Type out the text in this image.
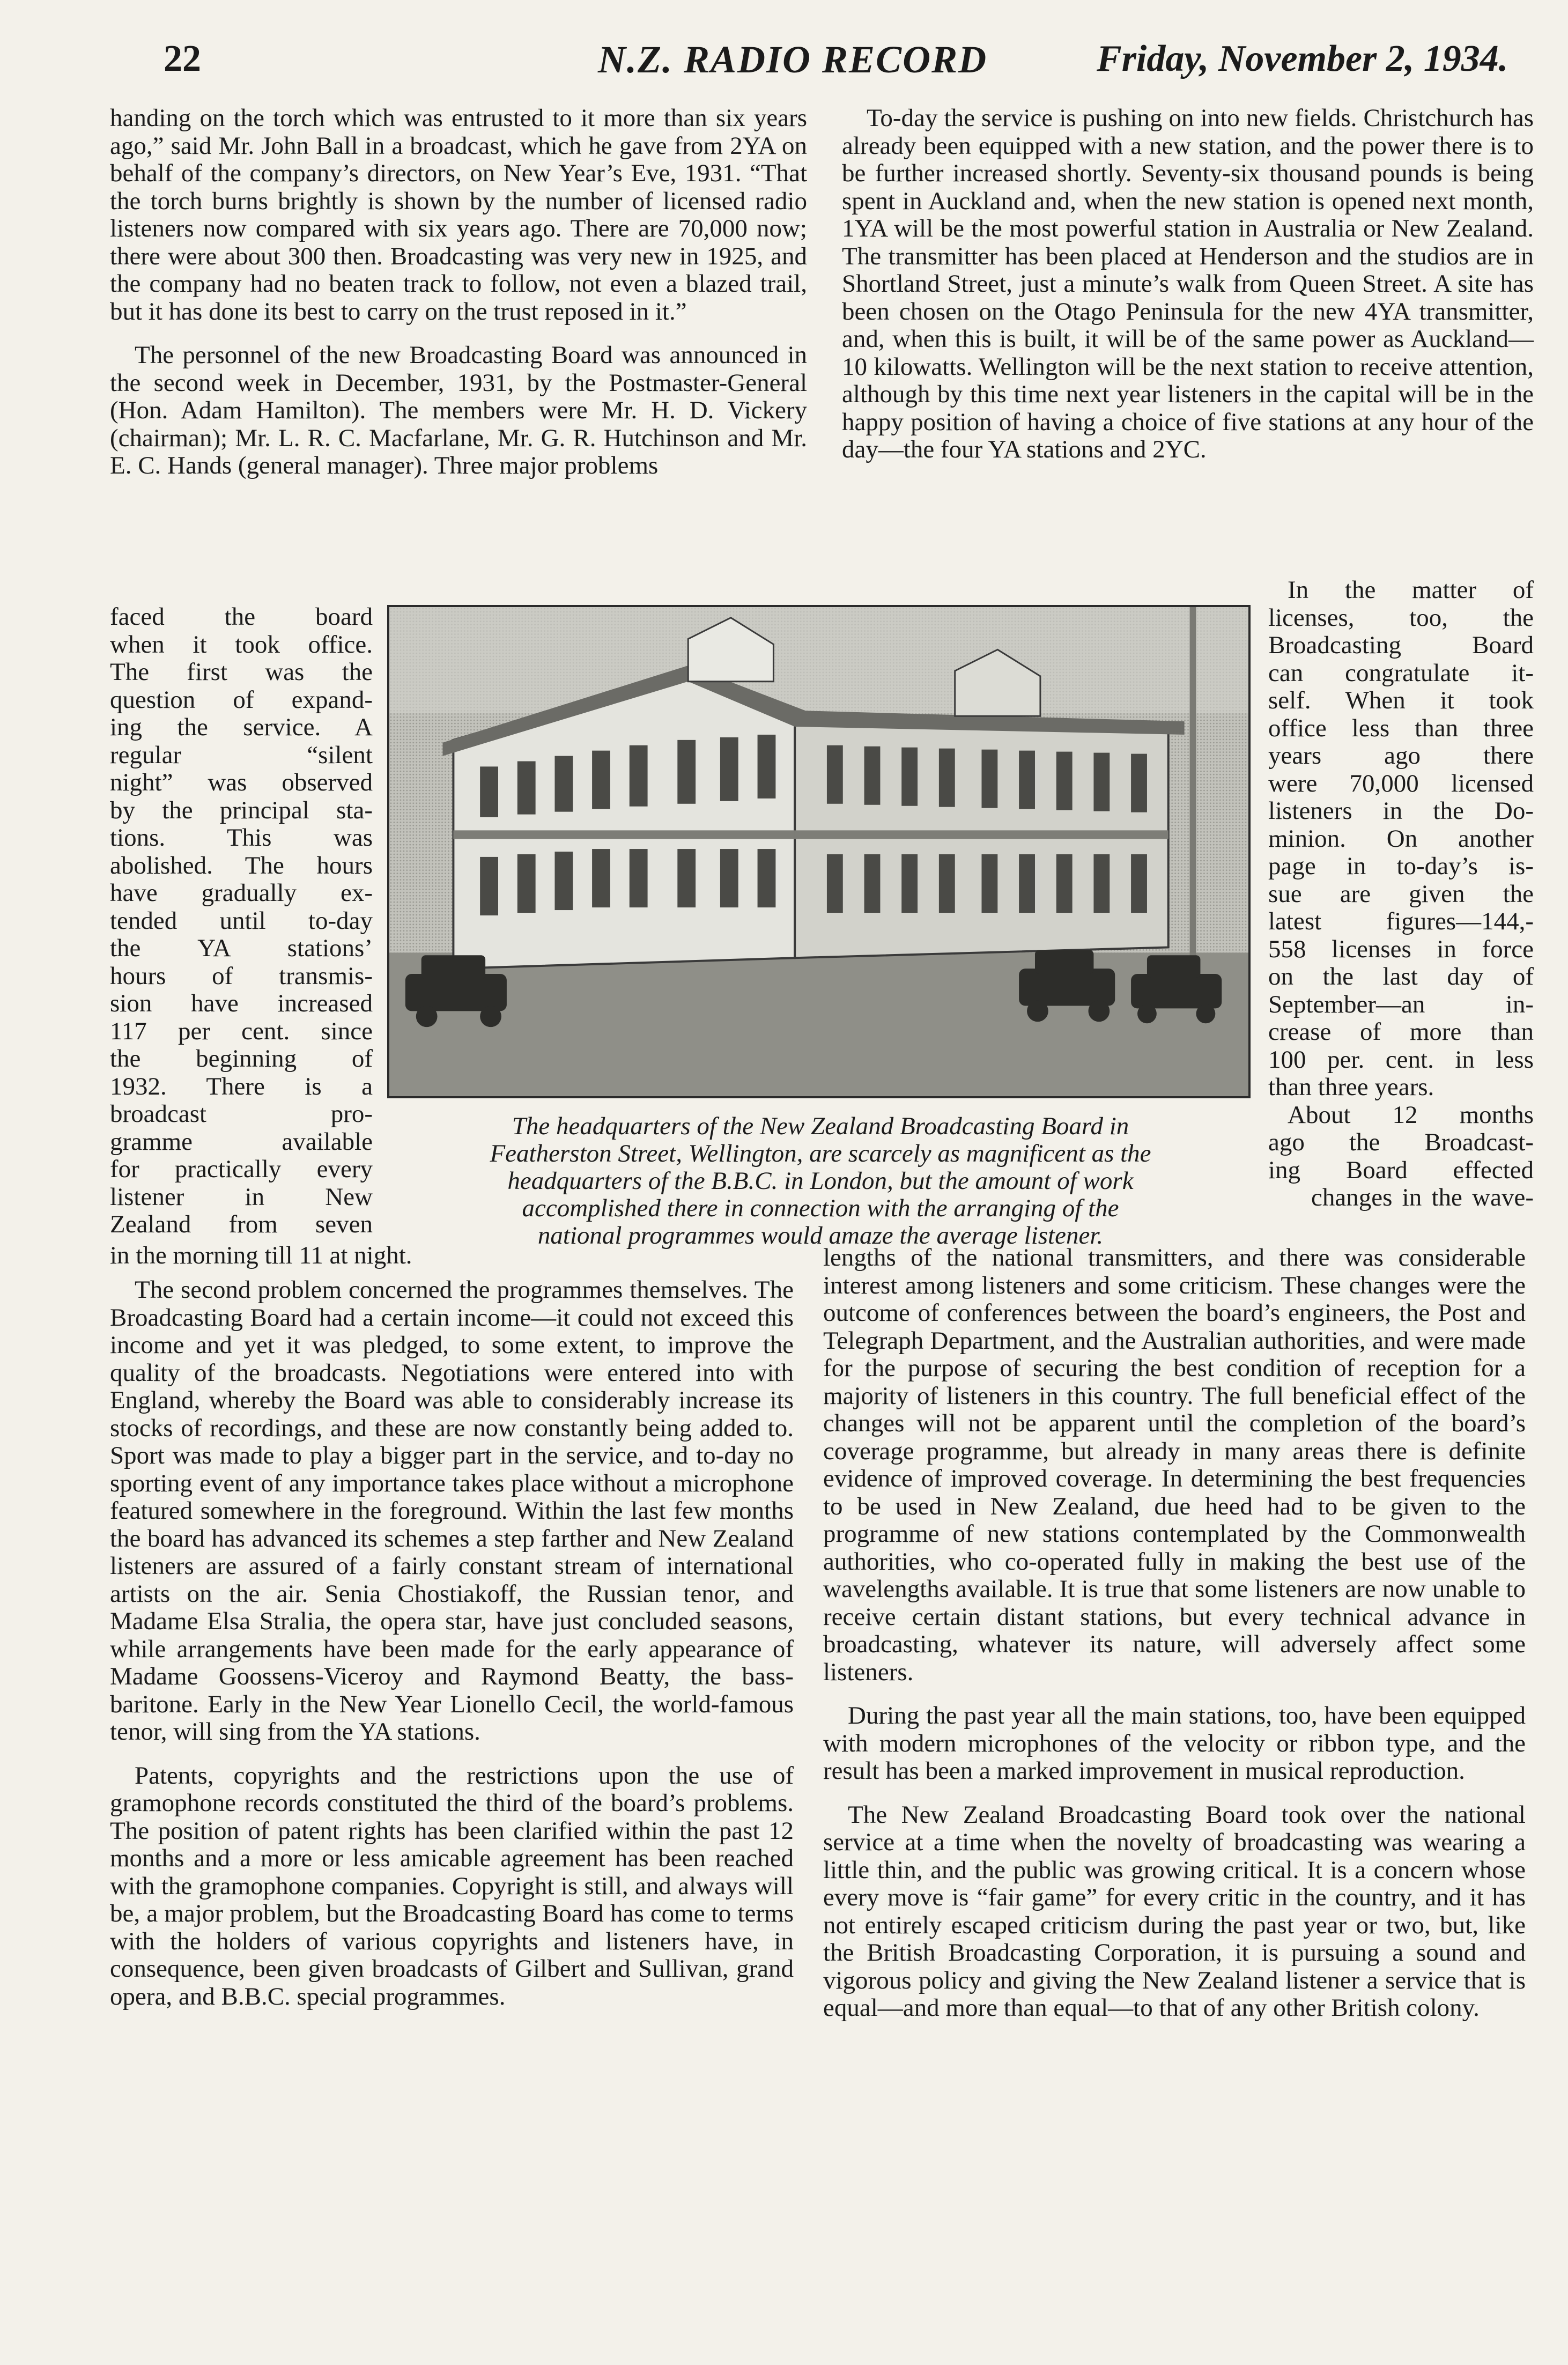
22	N.Z. RADIO RECORD	Friday, November 2, 1934.

handing on the torch which was entrusted to it more than six years ago,” said Mr. John Ball in a broadcast, which he gave from 2YA on behalf of the company’s directors, on New Year’s Eve, 1931. “That the torch burns brightly is shown by the number of licensed radio listeners now compared with six years ago. There are 70,000 now; there were about 300 then. Broadcasting was very new in 1925, and the company had no beaten track to follow, not even a blazed trail, but it has done its best to carry on the trust reposed in it.”

The personnel of the new Broadcasting Board was announced in the second week in December, 1931, by the Postmaster-General (Hon. Adam Hamilton). The members were Mr. H. D. Vickery (chairman); Mr. L. R. C. Macfarlane, Mr. G. R. Hutchinson and Mr. E. C. Hands (general manager). Three major problems

faced the board
when it took office.
The first was the
question of expand-
ing the service. A
regular “silent
night” was observed
by the principal sta-
tions. This was
abolished. The hours
have gradually ex-
tended until to-day
the YA stations’
hours of transmis-
sion have increased
117 per cent. since
the beginning of
1932. There is a
broadcast pro-
gramme available
for practically every
listener in New
Zealand from seven
in the morning till 11 at night.
The headquarters of the New Zealand Broadcasting Board in
Featherston Street, Wellington, are scarcely as magnificent as the
headquarters of the B.B.C. in London, but the amount of work
accomplished there in connection with the arranging of the
national programmes would amaze the average listener.

The second problem concerned the programmes themselves. The Broadcasting Board had a certain income—it could not exceed this income and yet it was pledged, to some extent, to improve the quality of the broadcasts. Negotiations were entered into with England, whereby the Board was able to considerably increase its stocks of recordings, and these are now constantly being added to. Sport was made to play a bigger part in the service, and to-day no sporting event of any importance takes place without a microphone featured somewhere in the foreground. Within the last few months the board has advanced its schemes a step farther and New Zealand listeners are assured of a fairly constant stream of international artists on the air. Senia Chostiakoff, the Russian tenor, and Madame Elsa Stralia, the opera star, have just concluded seasons, while arrangements have been made for the early appearance of Madame Goossens-Viceroy and Raymond Beatty, the bass-baritone. Early in the New Year Lionello Cecil, the world-famous tenor, will sing from the YA stations.

Patents, copyrights and the restrictions upon the use of gramophone records constituted the third of the board’s problems. The position of patent rights has been clarified within the past 12 months and a more or less amicable agreement has been reached with the gramophone companies. Copyright is still, and always will be, a major problem, but the Broadcasting Board has come to terms with the holders of various copyrights and listeners have, in consequence, been given broadcasts of Gilbert and Sullivan, grand opera, and B.B.C. special programmes.

To-day the service is pushing on into new fields. Christchurch has already been equipped with a new station, and the power there is to be further increased shortly. Seventy-six thousand pounds is being spent in Auckland and, when the new station is opened next month, 1YA will be the most powerful station in Australia or New Zealand. The transmitter has been placed at Henderson and the studios are in Shortland Street, just a minute’s walk from Queen Street. A site has been chosen on the Otago Peninsula for the new 4YA transmitter, and, when this is built, it will be of the same power as Auckland—10 kilowatts. Wellington will be the next station to receive attention, although by this time next year listeners in the capital will be in the happy position of having a choice of five stations at any hour of the day—the four YA stations and 2YC.

In the matter of
licenses, too, the
Broadcasting Board
can congratulate it-
self. When it took
office less than three
years ago there
were 70,000 licensed
listeners in the Do-
minion. On another
page in to-day’s is-
sue are given the
latest figures—144,-
558 licenses in force
on the last day of
September—an in-
crease of more than
100 per. cent. in less
than three years.
About 12 months
ago the Broadcast-
ing Board effected
changes in the wave-

lengths of the national transmitters, and there was considerable interest among listeners and some criticism. These changes were the outcome of conferences between the board’s engineers, the Post and Telegraph Department, and the Australian authorities, and were made for the purpose of securing the best condition of reception for a majority of listeners in this country. The full beneficial effect of the changes will not be apparent until the completion of the board’s coverage programme, but already in many areas there is definite evidence of improved coverage. In determining the best frequencies to be used in New Zealand, due heed had to be given to the programme of new stations contemplated by the Commonwealth authorities, who co-operated fully in making the best use of the wavelengths available. It is true that some listeners are now unable to receive certain distant stations, but every technical advance in broadcasting, whatever its nature, will adversely affect some listeners.

During the past year all the main stations, too, have been equipped with modern microphones of the velocity or ribbon type, and the result has been a marked improvement in musical reproduction.

The New Zealand Broadcasting Board took over the national service at a time when the novelty of broadcasting was wearing a little thin, and the public was growing critical. It is a concern whose every move is “fair game” for every critic in the country, and it has not entirely escaped criticism during the past year or two, but, like the British Broadcasting Corporation, it is pursuing a sound and vigorous policy and giving the New Zealand listener a service that is equal—and more than equal—to that of any other British colony.
